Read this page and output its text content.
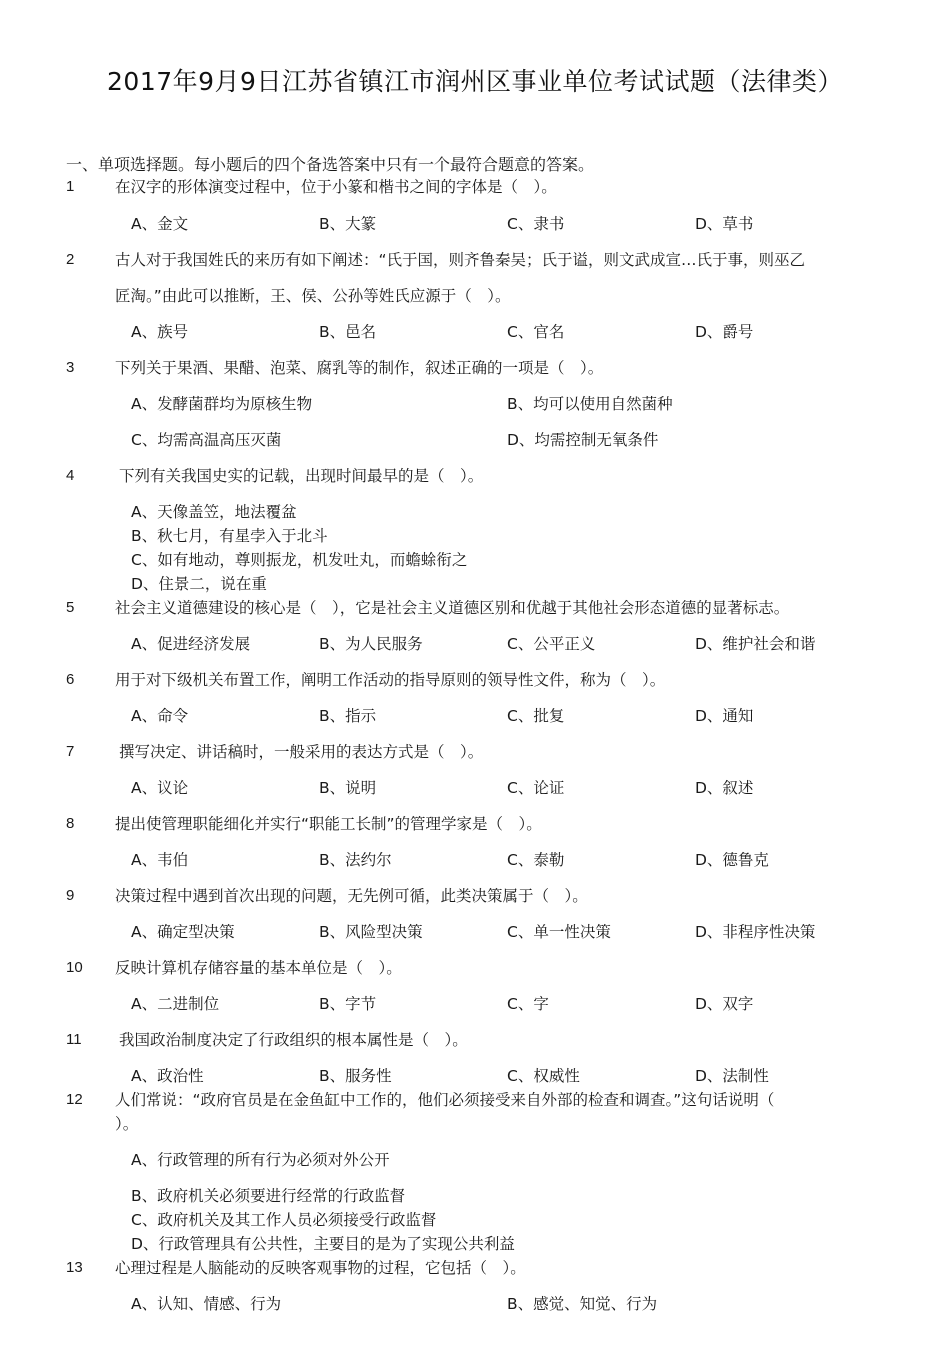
2017年9月9日江苏省镇江市润州区事业单位考试试题（法律类）
一、单项选择题。每小题后的四个备选答案中只有一个最符合题意的答案。
1	在汉字的形体演变过程中，位于小篆和楷书之间的字体是（　）。
A、金文	B、大篆	C、隶书	D、草书
2	古人对于我国姓氏的来历有如下阐述：“氏于国，则齐鲁秦吴；氏于谥，则文武成宣…氏于事，则巫乙
匠淘。”由此可以推断，王、侯、公孙等姓氏应源于（　）。
A、族号	B、邑名	C、官名	D、爵号
3	下列关于果酒、果醋、泡菜、腐乳等的制作，叙述正确的一项是（　）。
A、发酵菌群均为原核生物	B、均可以使用自然菌种
C、均需高温高压灭菌	D、均需控制无氧条件
4	下列有关我国史实的记载，出现时间最早的是（　）。
A、天像盖笠，地法覆盆
B、秋七月，有星孛入于北斗
C、如有地动，尊则振龙，机发吐丸，而蟾蜍衔之
D、住景二，说在重
5	社会主义道德建设的核心是（　），它是社会主义道德区别和优越于其他社会形态道德的显著标志。
A、促进经济发展	B、为人民服务	C、公平正义	D、维护社会和谐
6	用于对下级机关布置工作，阐明工作活动的指导原则的领导性文件，称为（　）。
A、命令	B、指示	C、批复	D、通知
7	撰写决定、讲话稿时，一般采用的表达方式是（　）。
A、议论	B、说明	C、论证	D、叙述
8	提出使管理职能细化并实行“职能工长制”的管理学家是（　）。
A、韦伯	B、法约尔	C、泰勒	D、德鲁克
9	决策过程中遇到首次出现的问题，无先例可循，此类决策属于（　）。
A、确定型决策	B、风险型决策	C、单一性决策	D、非程序性决策
10 反映计算机存储容量的基本单位是（　）。
A、二进制位	B、字节	C、字	D、双字
11 我国政治制度决定了行政组织的根本属性是（　）。
A、政治性	B、服务性	C、权威性	D、法制性
12 人们常说：“政府官员是在金鱼缸中工作的，他们必须接受来自外部的检查和调查。”这句话说明（
）。
A、行政管理的所有行为必须对外公开
B、政府机关必须要进行经常的行政监督
C、政府机关及其工作人员必须接受行政监督
D、行政管理具有公共性，主要目的是为了实现公共利益
13 心理过程是人脑能动的反映客观事物的过程，它包括（　）。
A、认知、情感、行为	B、感觉、知觉、行为
